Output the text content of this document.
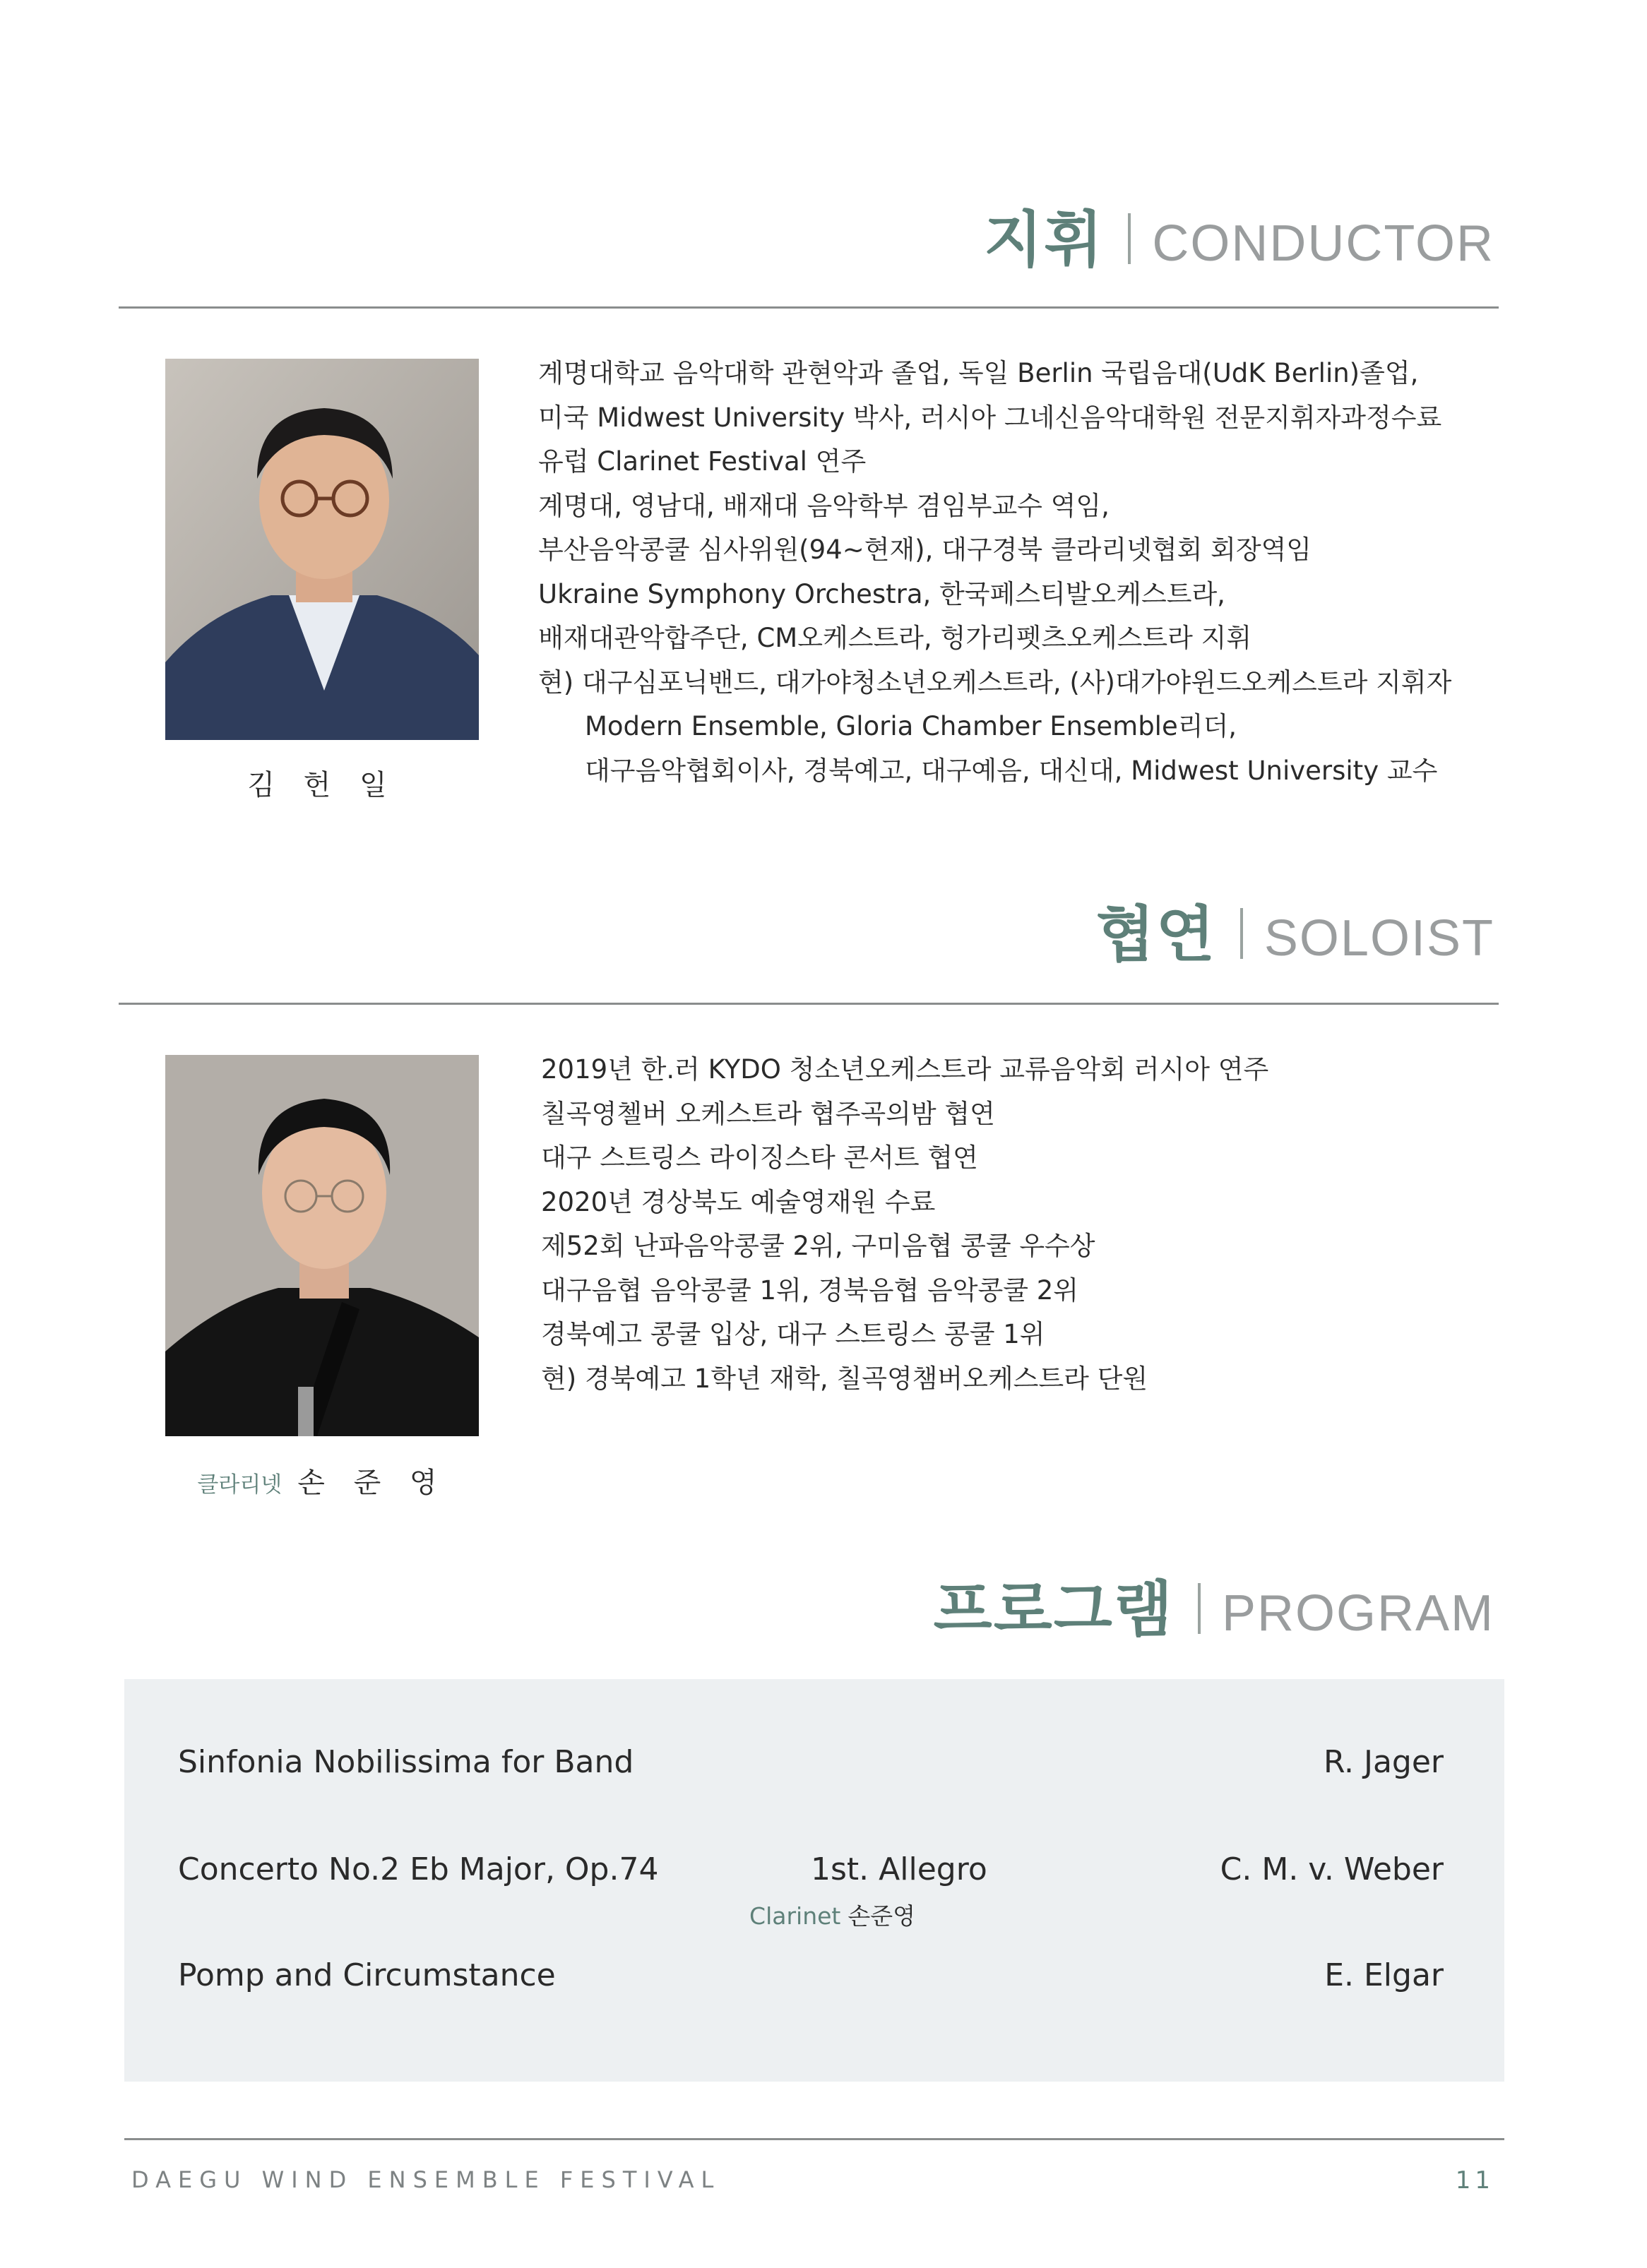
지휘 CONDUCTOR
김 헌 일
계명대학교 음악대학 관현악과 졸업, 독일 Berlin 국립음대(UdK Berlin)졸업,
미국 Midwest University 박사, 러시아 그네신음악대학원 전문지휘자과정수료
유럽 Clarinet Festival 연주
계명대, 영남대, 배재대 음악학부 겸임부교수 역임,
부산음악콩쿨 심사위원(94~현재), 대구경북 클라리넷협회 회장역임
Ukraine Symphony Orchestra, 한국페스티발오케스트라,
배재대관악합주단, CM오케스트라, 헝가리펫츠오케스트라 지휘
현) 대구심포닉밴드, 대가야청소년오케스트라, (사)대가야윈드오케스트라 지휘자
Modern Ensemble, Gloria Chamber Ensemble리더,
대구음악협회이사, 경북예고, 대구예음, 대신대, Midwest University 교수
협연 SOLOIST
클라리넷 손 준 영
2019년 한.러 KYDO 청소년오케스트라 교류음악회 러시아 연주
칠곡영첼버 오케스트라 협주곡의밤 협연
대구 스트링스 라이징스타 콘서트 협연
2020년 경상북도 예술영재원 수료
제52회 난파음악콩쿨 2위, 구미음협 콩쿨 우수상
대구음협 음악콩쿨 1위, 경북음협 음악콩쿨 2위
경북예고 콩쿨 입상, 대구 스트링스 콩쿨 1위
현) 경북예고 1학년 재학, 칠곡영챔버오케스트라 단원
프로그램 PROGRAM
Sinfonia Nobilissima for Band	R. Jager
Concerto No.2 Eb Major, Op.74	1st. Allegro	C. M. v. Weber
Clarinet 손준영
Pomp and Circumstance	E. Elgar
DAEGU WIND ENSEMBLE FESTIVAL	11
